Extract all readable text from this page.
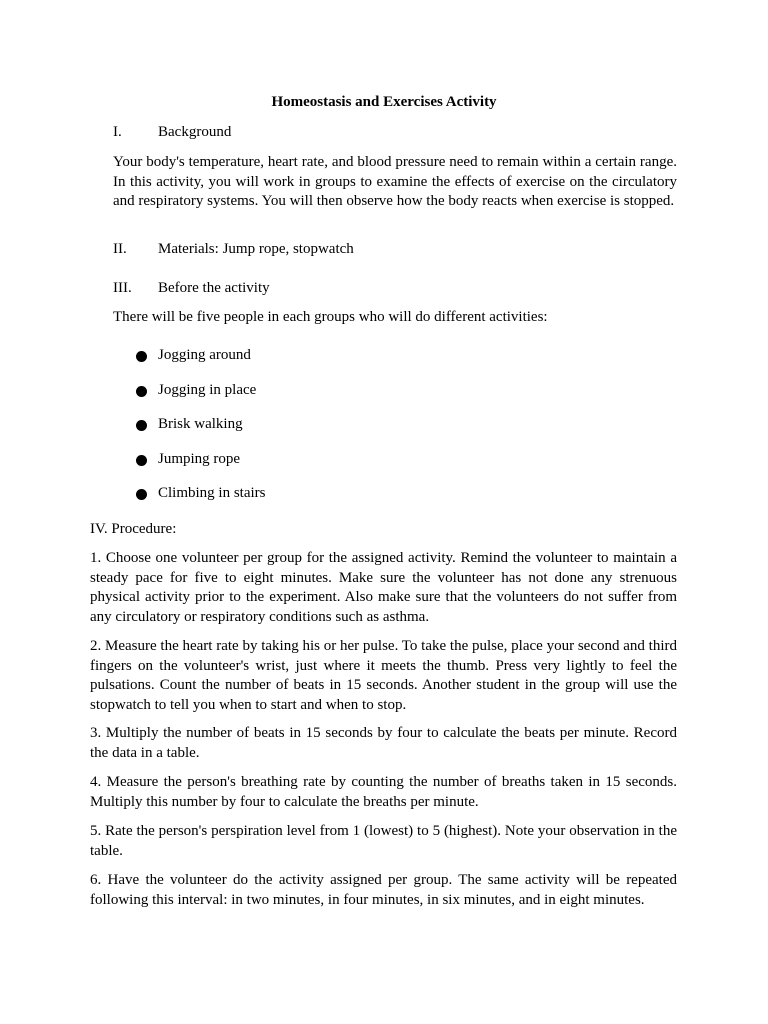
Homeostasis and Exercises Activity

I. Background

Your body's temperature, heart rate, and blood pressure need to remain within a certain range. In this activity, you will work in groups to examine the effects of exercise on the circulatory and respiratory systems. You will then observe how the body reacts when exercise is stopped.

II. Materials: Jump rope, stopwatch
III. Before the activity

There will be five people in each groups who will do different activities:

Jogging around
Jogging in place
Brisk walking
Jumping rope
Climbing in stairs

IV. Procedure:

1. Choose one volunteer per group for the assigned activity. Remind the volunteer to maintain a steady pace for five to eight minutes. Make sure the volunteer has not done any strenuous physical activity prior to the experiment. Also make sure that the volunteers do not suffer from any circulatory or respiratory conditions such as asthma.

2. Measure the heart rate by taking his or her pulse. To take the pulse, place your second and third fingers on the volunteer's wrist, just where it meets the thumb. Press very lightly to feel the pulsations. Count the number of beats in 15 seconds. Another student in the group will use the stopwatch to tell you when to start and when to stop.

3. Multiply the number of beats in 15 seconds by four to calculate the beats per minute. Record the data in a table.

4. Measure the person's breathing rate by counting the number of breaths taken in 15 seconds. Multiply this number by four to calculate the breaths per minute.

5. Rate the person's perspiration level from 1 (lowest) to 5 (highest). Note your observation in the table.

6. Have the volunteer do the activity assigned per group. The same activity will be repeated following this interval: in two minutes, in four minutes, in six minutes, and in eight minutes.
